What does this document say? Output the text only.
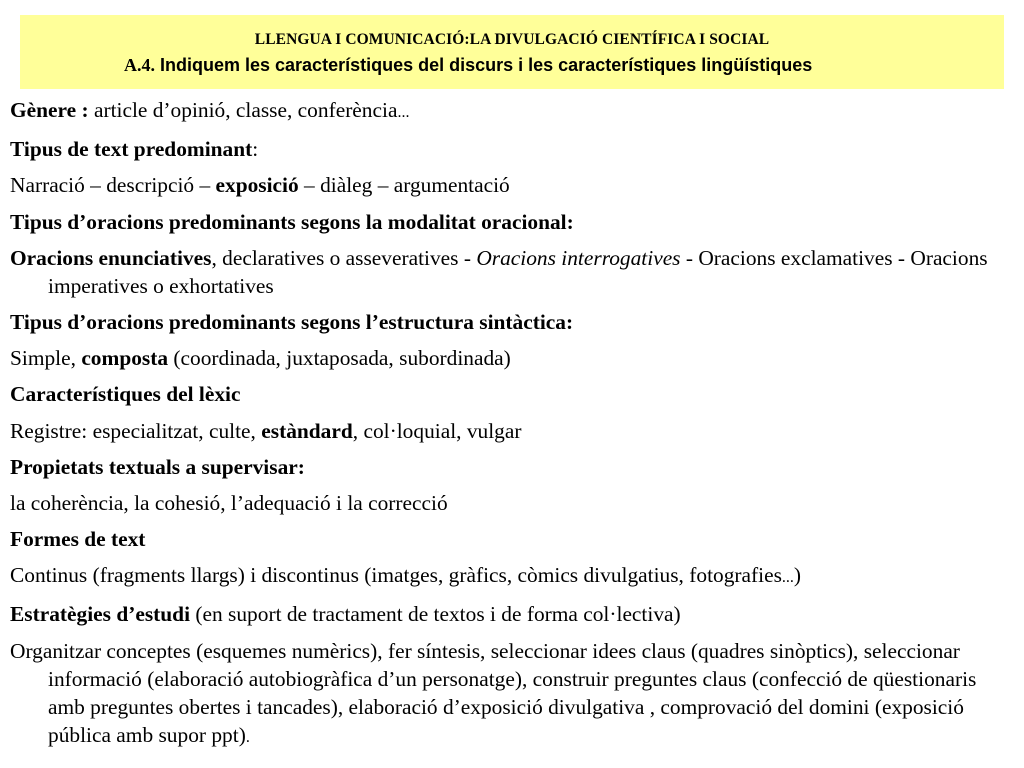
LLENGUA I COMUNICACIÓ:LA DIVULGACIÓ CIENTÍFICA I SOCIAL
A.4. Indiquem les característiques del discurs i les característiques lingüístiques

Gènere : article d’opinió, classe, conferència...

Tipus de text predominant:

Narració – descripció – exposició – diàleg – argumentació

Tipus d’oracions predominants segons la modalitat oracional:

Oracions enunciatives, declaratives o asseveratives - Oracions interrogatives - Oracions exclamatives - Oracions imperatives o exhortatives

Tipus d’oracions predominants segons l’estructura sintàctica:

Simple, composta (coordinada, juxtaposada, subordinada)

Característiques del lèxic

Registre: especialitzat, culte, estàndard, col·loquial, vulgar

Propietats textuals a supervisar:

la coherència, la cohesió, l’adequació i la correcció

Formes de text

Continus (fragments llargs) i discontinus (imatges, gràfics, còmics divulgatius, fotografies...)

Estratègies d’estudi (en suport de tractament de textos i de forma col·lectiva)

Organitzar conceptes (esquemes numèrics), fer síntesis, seleccionar idees claus (quadres sinòptics), seleccionar informació (elaboració autobiogràfica d’un personatge), construir preguntes claus (confecció de qüestionaris amb preguntes obertes i tancades), elaboració d’exposició divulgativa , comprovació del domini (exposició pública amb supor ppt).
